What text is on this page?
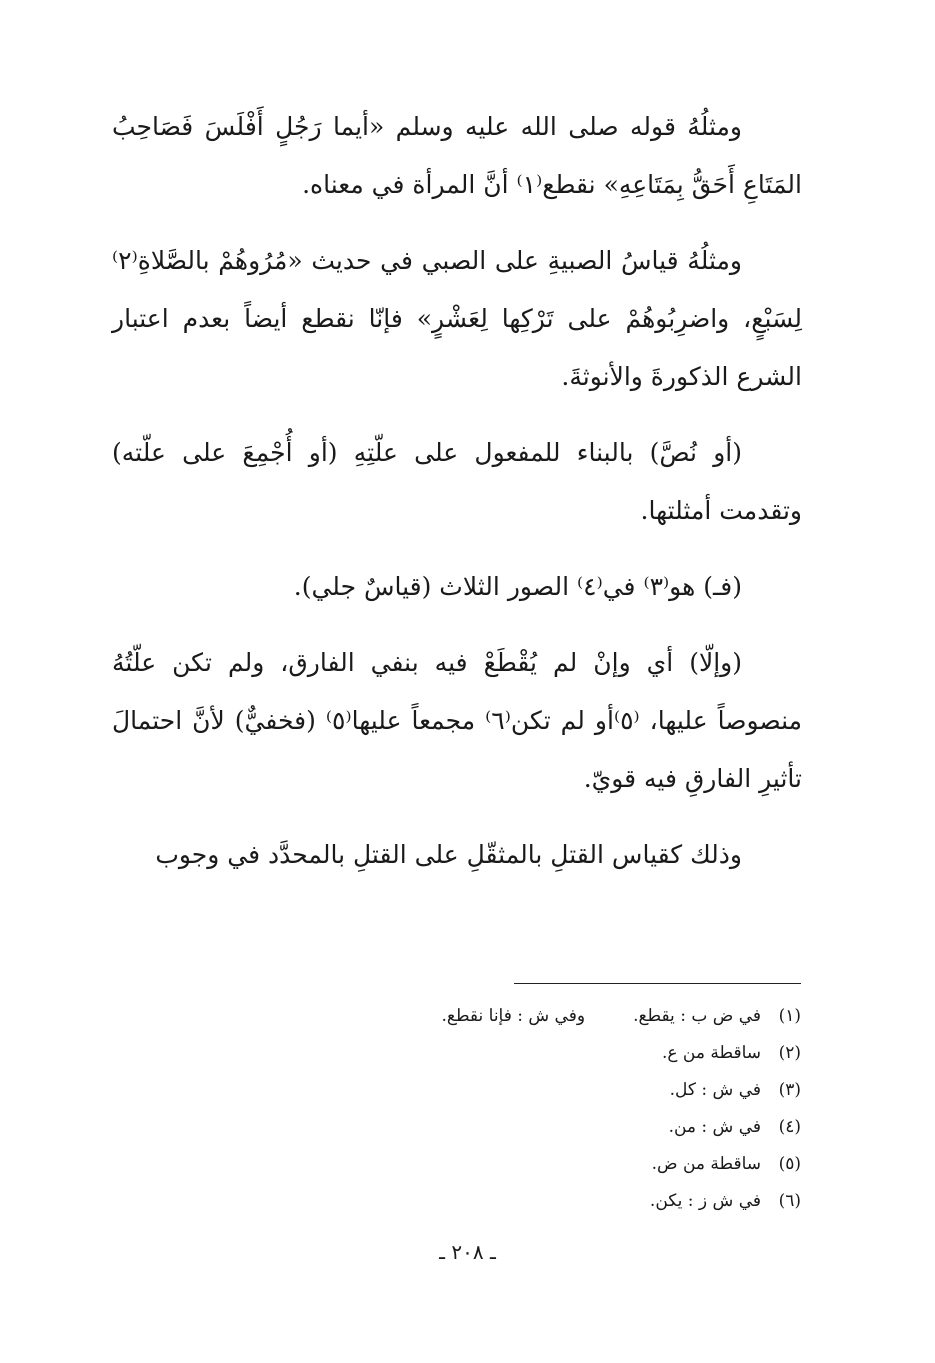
ومثلُهُ قوله صلى الله عليه وسلم «أيما رَجُلٍ أَفْلَسَ فَصَاحِبُ المَتَاعِ أَحَقُّ بِمَتَاعِهِ» نقطع⁽١⁾ أنَّ المرأة في معناه.

ومثلُهُ قياسُ الصبيةِ على الصبي في حديث «مُرُوهُمْ بالصَّلاةِ⁽٢⁾ لِسَبْعٍ، واضرِبُوهُمْ على تَرْكِها لِعَشْرٍ» فإنّا نقطع أيضاً بعدم اعتبار الشرع الذكورةَ والأنوثةَ.

(أو نُصَّ) بالبناء للمفعول على علّتِهِ (أو أُجْمِعَ على علّته) وتقدمت أمثلتها.

(فـ) هو⁽٣⁾ في⁽٤⁾ الصور الثلاث (قياسٌ جلي).

(وإلّا) أي وإنْ لم يُقْطَعْ فيه بنفي الفارق، ولم تكن علّتُهُ منصوصاً عليها، ⁽٥⁾أو لم تكن⁽٦⁾ مجمعاً عليها⁽٥⁾ (فخفيٌّ) لأنَّ احتمالَ تأثيرِ الفارقِ فيه قويّ.

وذلك كقياس القتلِ بالمثقّلِ على القتلِ بالمحدَّد في وجوب

(١)
في ض ب : يقطع.
وفي ش : فإنا نقطع.
(٢)
ساقطة من ع.
(٣)
في ش : كل.
(٤)
في ش : من.
(٥)
ساقطة من ض.
(٦)
في ش ز : يكن.
ـ ٢٠٨ ـ
